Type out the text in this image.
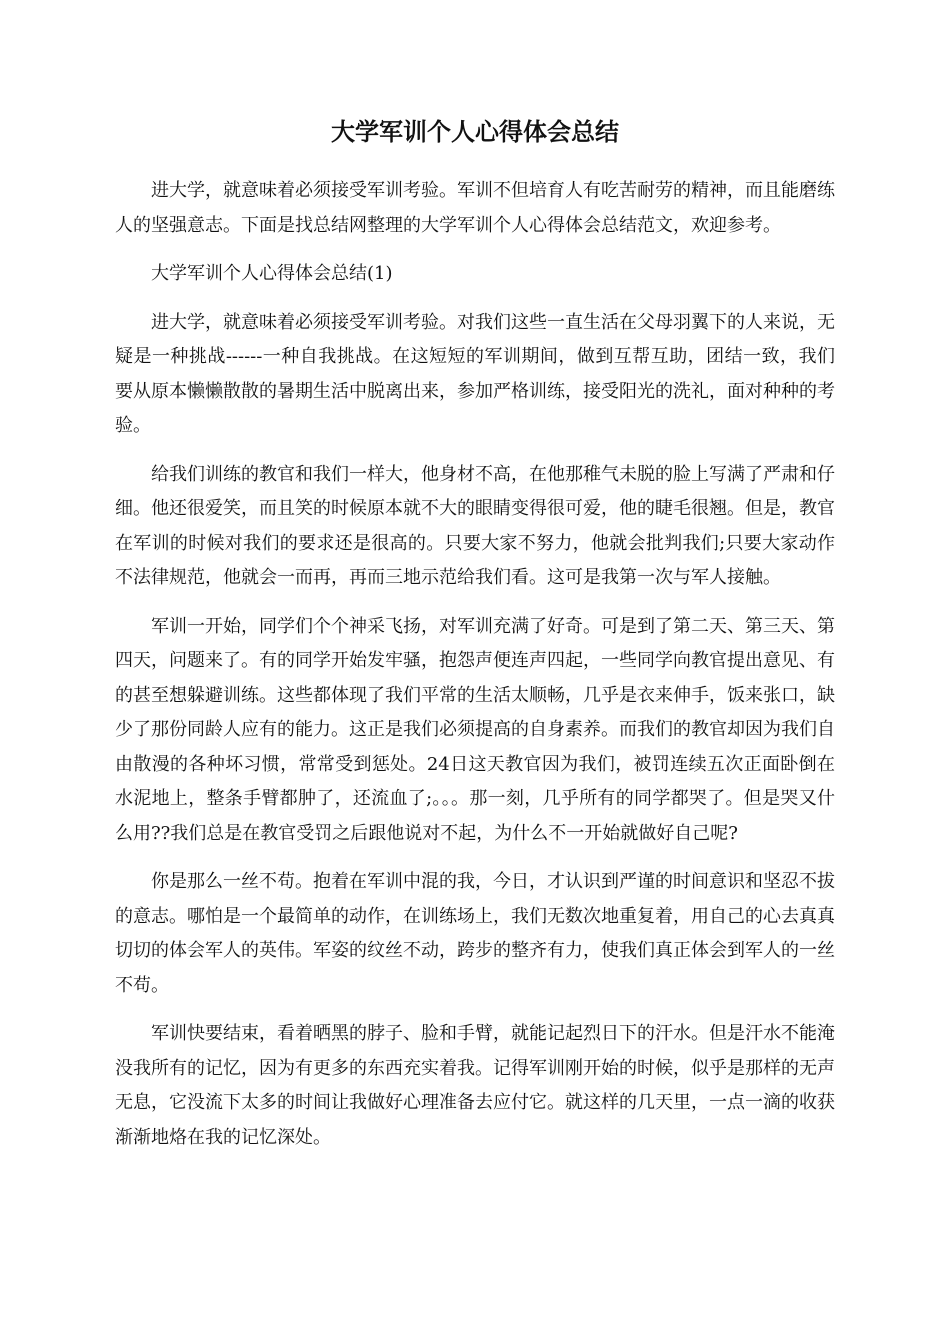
大学军训个人心得体会总结

进大学，就意味着必须接受军训考验。军训不但培育人有吃苦耐劳的精神，而且能磨练人的坚强意志。下面是找总结网整理的大学军训个人心得体会总结范文，欢迎参考。

大学军训个人心得体会总结(1)

进大学，就意味着必须接受军训考验。对我们这些一直生活在父母羽翼下的人来说，无疑是一种挑战------一种自我挑战。在这短短的军训期间，做到互帮互助，团结一致，我们要从原本懒懒散散的暑期生活中脱离出来，参加严格训练，接受阳光的洗礼，面对种种的考验。

给我们训练的教官和我们一样大，他身材不高，在他那稚气未脱的脸上写满了严肃和仔细。他还很爱笑，而且笑的时候原本就不大的眼睛变得很可爱，他的睫毛很翘。但是，教官在军训的时候对我们的要求还是很高的。只要大家不努力，他就会批判我们;只要大家动作不法律规范，他就会一而再，再而三地示范给我们看。这可是我第一次与军人接触。

军训一开始，同学们个个神采飞扬，对军训充满了好奇。可是到了第二天、第三天、第四天，问题来了。有的同学开始发牢骚，抱怨声便连声四起，一些同学向教官提出意见、有的甚至想躲避训练。这些都体现了我们平常的生活太顺畅，几乎是衣来伸手，饭来张口，缺少了那份同龄人应有的能力。这正是我们必须提高的自身素养。而我们的教官却因为我们自由散漫的各种坏习惯，常常受到惩处。24日这天教官因为我们，被罚连续五次正面卧倒在水泥地上，整条手臂都肿了，还流血了;。。。那一刻，几乎所有的同学都哭了。但是哭又什么用??我们总是在教官受罚之后跟他说对不起，为什么不一开始就做好自己呢?

你是那么一丝不苟。抱着在军训中混的我，今日，才认识到严谨的时间意识和坚忍不拔的意志。哪怕是一个最简单的动作，在训练场上，我们无数次地重复着，用自己的心去真真切切的体会军人的英伟。军姿的纹丝不动，跨步的整齐有力，使我们真正体会到军人的一丝不苟。

军训快要结束，看着晒黑的脖子、脸和手臂，就能记起烈日下的汗水。但是汗水不能淹没我所有的记忆，因为有更多的东西充实着我。记得军训刚开始的时候，似乎是那样的无声无息，它没流下太多的时间让我做好心理准备去应付它。就这样的几天里，一点一滴的收获渐渐地烙在我的记忆深处。
